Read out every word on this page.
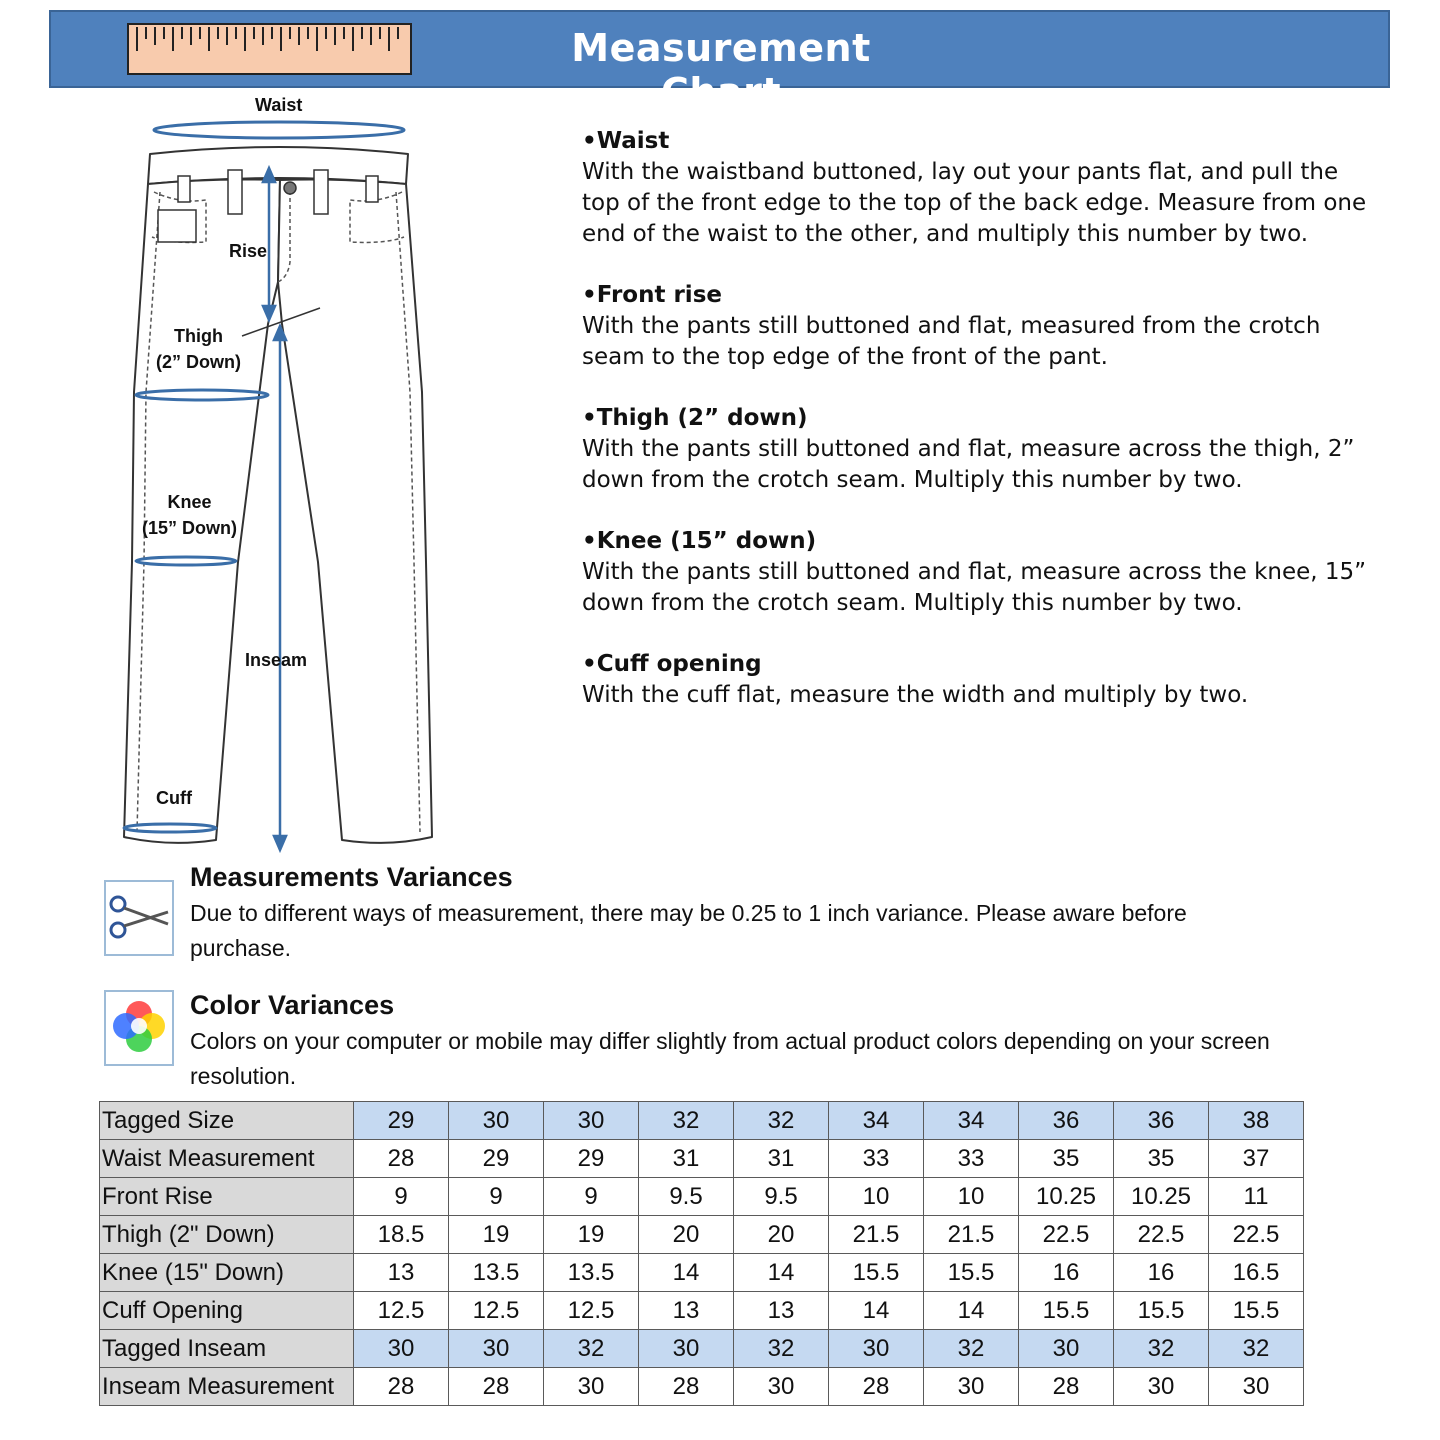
Measurement Chart
Waist
Rise
Thigh
(2” Down)
Knee
(15” Down)
Inseam
Cuff
•Waist
With the waistband buttoned, lay out your pants flat, and pull the top of the front edge to the top of the back edge. Measure from one end of the waist to the other, and multiply this number by two.
•Front rise
With the pants still buttoned and flat, measured from the crotch seam to the top edge of the front of the pant.
•Thigh (2” down)
With the pants still buttoned and flat, measure across the thigh, 2” down from the crotch seam. Multiply this number by two.
•Knee (15” down)
With the pants still buttoned and flat, measure across the knee, 15” down from the crotch seam. Multiply this number by two.
•Cuff opening
With the cuff flat, measure the width and multiply by two.
Measurements Variances
Due to different ways of measurement, there may be 0.25 to 1 inch variance. Please aware before purchase.
Color Variances
Colors on your computer or mobile may differ slightly from actual product colors depending on your screen resolution.
Tagged Size	29	30	30	32	32	34	34	36	36	38
Waist Measurement	28	29	29	31	31	33	33	35	35	37
Front Rise	9	9	9	9.5	9.5	10	10	10.25	10.25	11
Thigh (2" Down)	18.5	19	19	20	20	21.5	21.5	22.5	22.5	22.5
Knee (15" Down)	13	13.5	13.5	14	14	15.5	15.5	16	16	16.5
Cuff Opening	12.5	12.5	12.5	13	13	14	14	15.5	15.5	15.5
Tagged Inseam	30	30	32	30	32	30	32	30	32	32
Inseam Measurement	28	28	30	28	30	28	30	28	30	30
